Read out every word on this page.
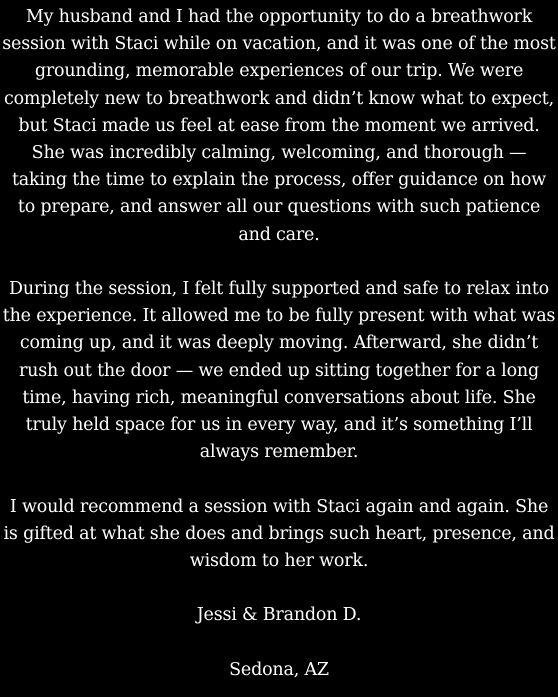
My husband and I had the opportunity to do a breathwork session with Staci while on vacation, and it was one of the most grounding, memorable experiences of our trip. We were completely new to breathwork and didn’t know what to expect, but Staci made us feel at ease from the moment we arrived. She was incredibly calming, welcoming, and thorough — taking the time to explain the process, offer guidance on how to prepare, and answer all our questions with such patience and care.

During the session, I felt fully supported and safe to relax into the experience. It allowed me to be fully present with what was coming up, and it was deeply moving. Afterward, she didn’t rush out the door — we ended up sitting together for a long time, having rich, meaningful conversations about life. She truly held space for us in every way, and it’s something I’ll always remember.

I would recommend a session with Staci again and again. She is gifted at what she does and brings such heart, presence, and wisdom to her work.

Jessi & Brandon D.

Sedona, AZ
